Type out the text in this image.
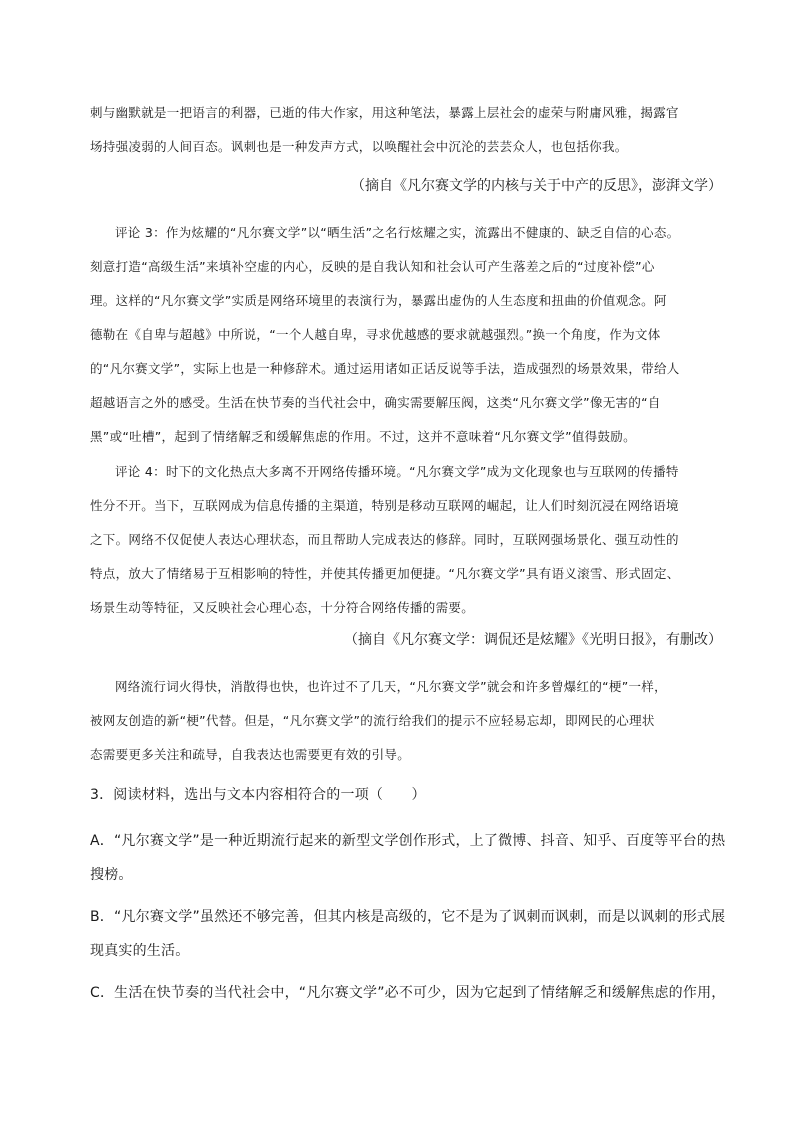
刺与幽默就是一把语言的利器，已逝的伟大作家，用这种笔法，暴露上层社会的虚荣与附庸风雅，揭露官
场持强凌弱的人间百态。讽刺也是一种发声方式，以唤醒社会中沉沦的芸芸众人，也包括你我。

（摘自《凡尔赛文学的内核与关于中产的反思》，澎湃文学）

评论 3：作为炫耀的“凡尔赛文学”以“晒生活”之名行炫耀之实，流露出不健康的、缺乏自信的心态。
刻意打造“高级生活”来填补空虚的内心，反映的是自我认知和社会认可产生落差之后的“过度补偿”心
理。这样的“凡尔赛文学”实质是网络环境里的表演行为，暴露出虚伪的人生态度和扭曲的价值观念。阿
德勒在《自卑与超越》中所说，“一个人越自卑，寻求优越感的要求就越强烈。”换一个角度，作为文体
的“凡尔赛文学”，实际上也是一种修辞术。通过运用诸如正话反说等手法，造成强烈的场景效果，带给人
超越语言之外的感受。生活在快节奏的当代社会中，确实需要解压阀，这类“凡尔赛文学”像无害的“自
黑”或“吐槽”，起到了情绪解乏和缓解焦虑的作用。不过，这并不意味着“凡尔赛文学”值得鼓励。
评论 4：时下的文化热点大多离不开网络传播环境。“凡尔赛文学”成为文化现象也与互联网的传播特
性分不开。当下，互联网成为信息传播的主渠道，特别是移动互联网的崛起，让人们时刻沉浸在网络语境
之下。网络不仅促使人表达心理状态，而且帮助人完成表达的修辞。同时，互联网强场景化、强互动性的
特点，放大了情绪易于互相影响的特性，并使其传播更加便捷。“凡尔赛文学”具有语义滚雪、形式固定、
场景生动等特征，又反映社会心理心态，十分符合网络传播的需要。

（摘自《凡尔赛文学：调侃还是炫耀》《光明日报》，有删改）

网络流行词火得快，消散得也快，也许过不了几天，“凡尔赛文学”就会和许多曾爆红的“梗”一样，
被网友创造的新“梗”代替。但是，“凡尔赛文学”的流行给我们的提示不应轻易忘却，即网民的心理状
态需要更多关注和疏导，自我表达也需要更有效的引导。
3．阅读材料，选出与文本内容相符合的一项（　　）
A．“凡尔赛文学”是一种近期流行起来的新型文学创作形式，上了微博、抖音、知乎、百度等平台的热
搜榜。
B．“凡尔赛文学”虽然还不够完善，但其内核是高级的，它不是为了讽刺而讽刺，而是以讽刺的形式展
现真实的生活。
C．生活在快节奏的当代社会中，“凡尔赛文学”必不可少，因为它起到了情绪解乏和缓解焦虑的作用，
